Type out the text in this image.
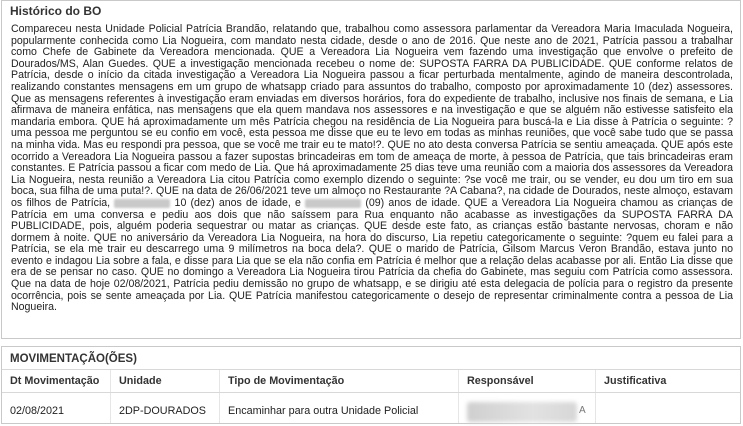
Histórico do BO
Compareceu nesta Unidade Policial Patrícia Brandão, relatando que, trabalhou como assessora parlamentar da Vereadora Maria Imaculada Nogueira, popularmente conhecida como Lia Nogueira, com mandato nesta cidade, desde o ano de 2016. Que neste ano de 2021, Patrícia passou a trabalhar como Chefe de Gabinete da Vereadora mencionada. QUE a Vereadora Lia Nogueira vem fazendo uma investigação que envolve o prefeito de Dourados/MS, Alan Guedes. QUE a investigação mencionada recebeu o nome de: SUPOSTA FARRA DA PUBLICIDADE. QUE conforme relatos de Patrícia, desde o início da citada investigação a Vereadora Lia Nogueira passou a ficar perturbada mentalmente, agindo de maneira descontrolada, realizando constantes mensagens em um grupo de whatsapp criado para assuntos do trabalho, composto por aproximadamente 10 (dez) assessores. Que as mensagens referentes à investigação eram enviadas em diversos horários, fora do expediente de trabalho, inclusive nos finais de semana, e Lia afirmava de maneira enfática, nas mensagens que ela quem mandava nos assessores e na investigação e que se alguém não estivesse satisfeito ela mandaria embora. QUE há aproximadamente um mês Patrícia chegou na residência de Lia Nogueira para buscá-la e Lia disse à Patrícia o seguinte: ?uma pessoa me perguntou se eu confio em você, esta pessoa me disse que eu te levo em todas as minhas reuniões, que você sabe tudo que se passa na minha vida. Mas eu respondi pra pessoa, que se você me trair eu te mato!?. QUE no ato desta conversa Patrícia se sentiu ameaçada. QUE após este ocorrido a Vereadora Lia Nogueira passou a fazer supostas brincadeiras em tom de ameaça de morte, à pessoa de Patrícia, que tais brincadeiras eram constantes. E Patrícia passou a ficar com medo de Lia. Que há aproximadamente 25 dias teve uma reunião com a maioria dos assessores da Vereadora Lia Nogueira, nesta reunião a Vereadora Lia citou Patrícia como exemplo dizendo o seguinte: ?se você me trair, ou se vender, eu dou um tiro em sua boca, sua filha de uma puta!?. QUE na data de 26/06/2021 teve um almoço no Restaurante ?A Cabana?, na cidade de Dourados, neste almoço, estavam os filhos de Patrícia,	10 (dez) anos de idade, e	(09) anos de idade. QUE a Vereadora Lia Nogueira chamou as crianças de Patrícia em uma conversa e pediu aos dois que não saíssem para Rua enquanto não acabasse as investigações da SUPOSTA FARRA DA PUBLICIDADE, pois, alguém poderia sequestrar ou matar as crianças. QUE desde este fato, as crianças estão bastante nervosas, choram e não dormem à noite. QUE no aniversário da Vereadora Lia Nogueira, na hora do discurso, Lia repetiu categoricamente o seguinte: ?quem eu falei para a Patrícia, se ela me trair eu descarrego uma 9 milímetros na boca dela?. QUE o marido de Patrícia, Gilsom Marcus Veron Brandão, estava junto no evento e indagou Lia sobre a fala, e disse para Lia que se ela não confia em Patrícia é melhor que a relação delas acabasse por ali. Então Lia disse que era de se pensar no caso. QUE no domingo a Vereadora Lia Nogueira tirou Patrícia da chefia do Gabinete, mas seguiu com Patrícia como assessora. Que na data de hoje 02/08/2021, Patrícia pediu demissão no grupo de whatsapp, e se dirigiu até esta delegacia de polícia para o registro da presente ocorrência, pois se sente ameaçada por Lia. QUE Patrícia manifestou categoricamente o desejo de representar criminalmente contra a pessoa de Lia Nogueira.
MOVIMENTAÇÃO(ÕES)
Dt Movimentação	Unidade	Tipo de Movimentação	Responsável	Justificativa
02/08/2021	2DP-DOURADOS	Encaminhar para outra Unidade Policial	A	
